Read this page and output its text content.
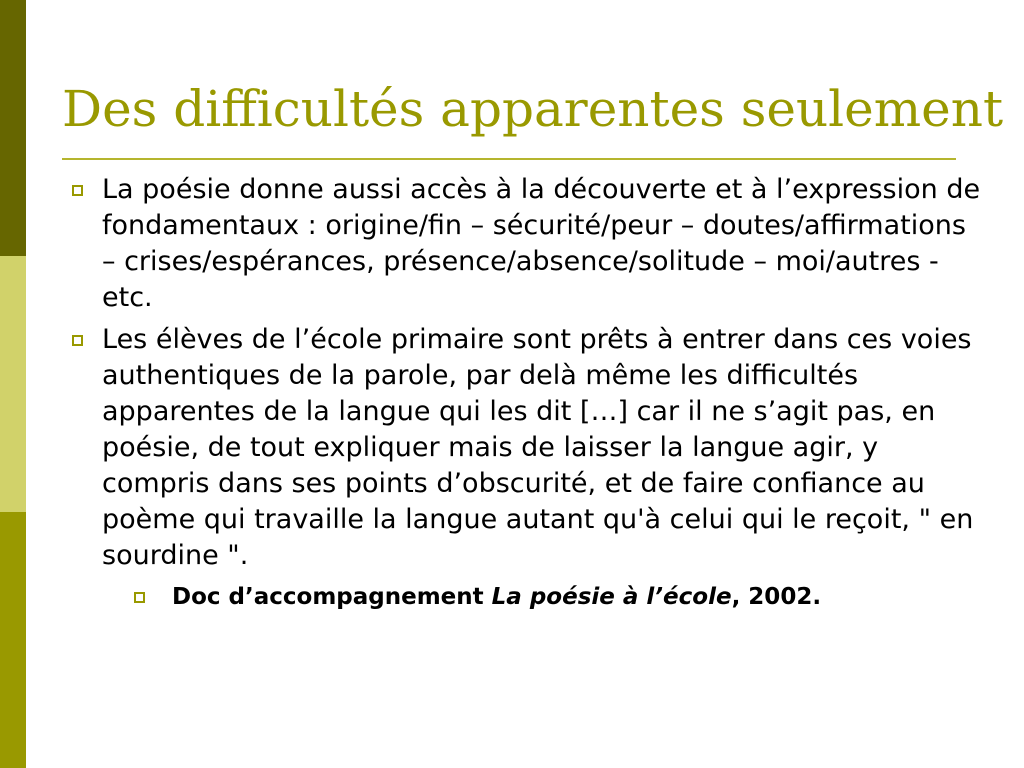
Des difficultés apparentes seulement
La poésie donne aussi accès à la découverte et à l’expression de fondamentaux : origine/fin – sécurité/peur – doutes/affirmations – crises/espérances, présence/absence/solitude – moi/autres - etc.
Les élèves de l’école primaire sont prêts à entrer dans ces voies authentiques de la parole, par delà même les difficultés apparentes de la langue qui les dit […] car il ne s’agit pas, en poésie, de tout expliquer mais de laisser la langue agir, y compris dans ses points d’obscurité, et de faire confiance au poème qui travaille la langue autant qu'à celui qui le reçoit, " en sourdine ".
Doc d’accompagnement La poésie à l’école, 2002.
